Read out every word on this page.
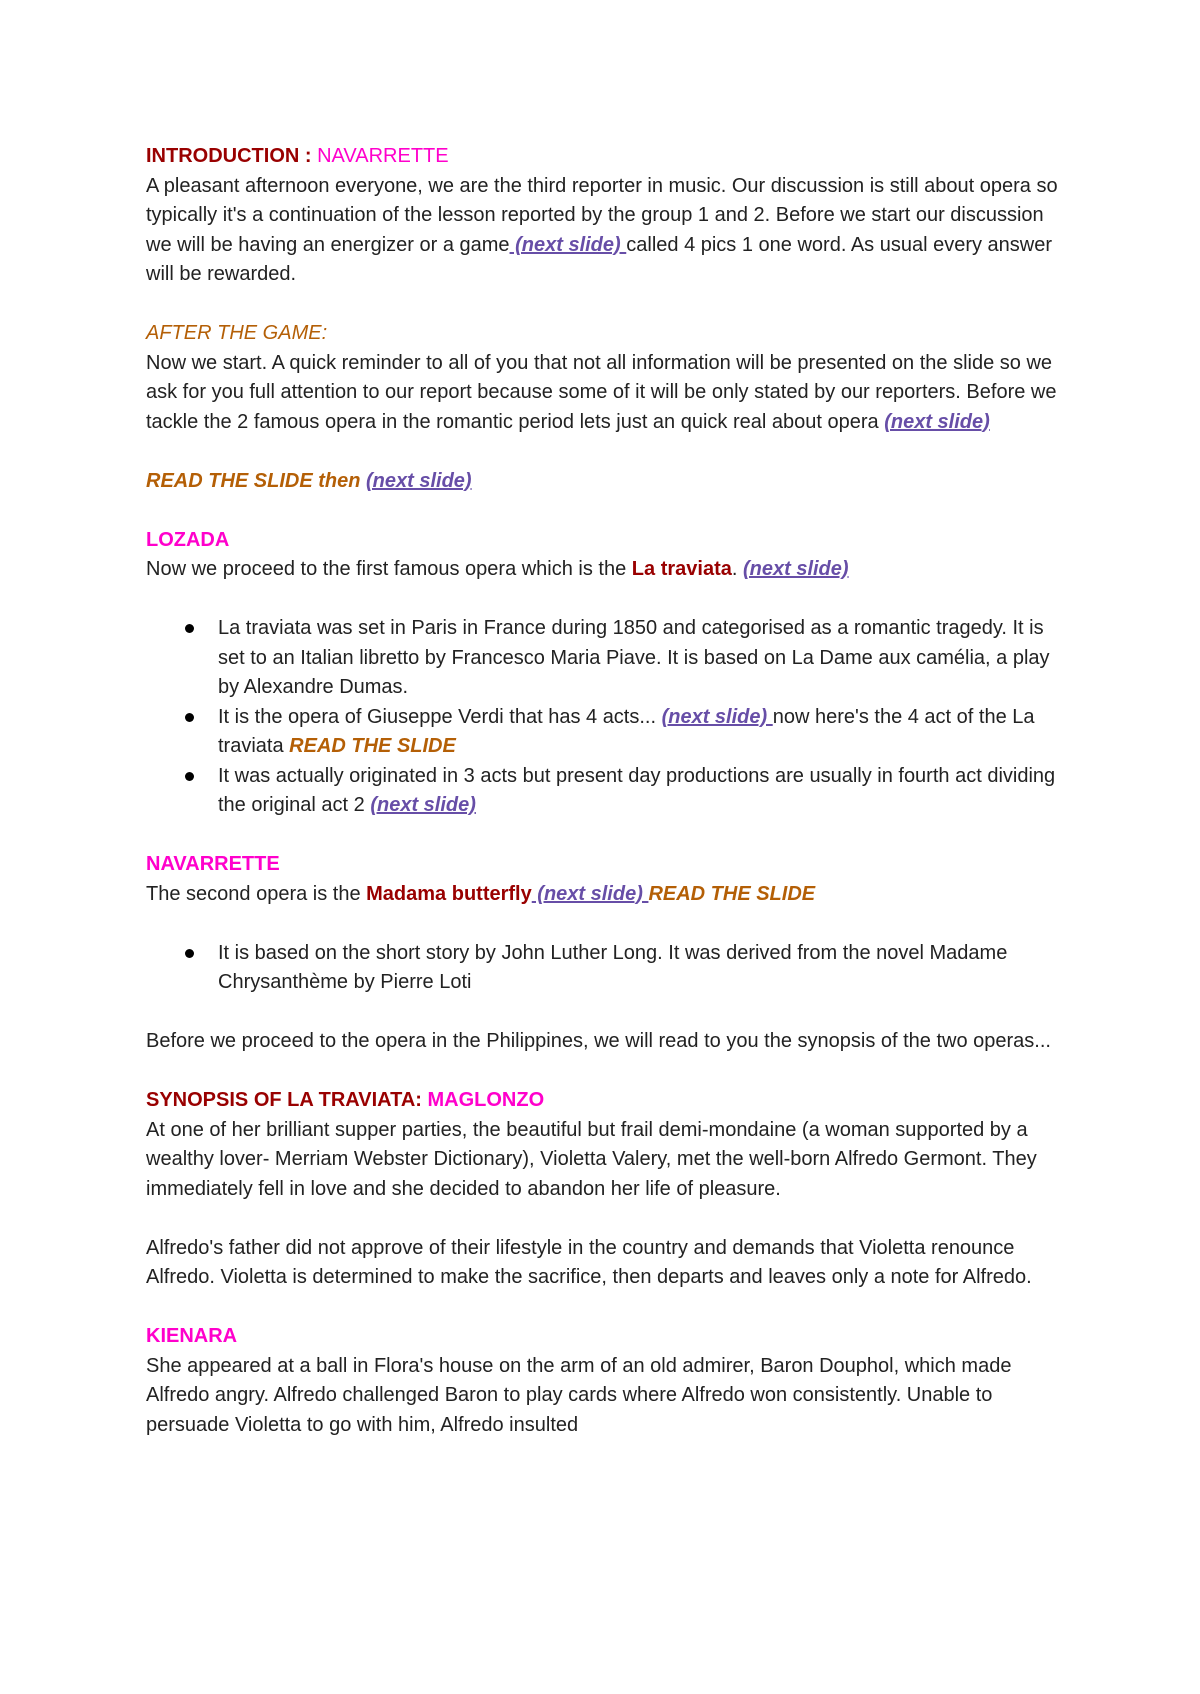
INTRODUCTION : NAVARRETTE

A pleasant afternoon everyone, we are the third reporter in music. Our discussion is still about opera so typically it's a continuation of the lesson reported by the group 1 and 2. Before we start our discussion we will be having an energizer or a game (next slide) called 4 pics 1 one word. As usual every answer will be rewarded.

AFTER THE GAME:

Now we start. A quick reminder to all of you that not all information will be presented on the slide so we ask for you full attention to our report because some of it will be only stated by our reporters. Before we tackle the 2 famous opera in the romantic period lets just an quick real about opera (next slide)

READ THE SLIDE then (next slide)

LOZADA

Now we proceed to the first famous opera which is the La traviata. (next slide)

La traviata was set in Paris in France during 1850 and categorised as a romantic tragedy. It is set to an Italian libretto by Francesco Maria Piave. It is based on La Dame aux camélia, a play by Alexandre Dumas.
It is the opera of Giuseppe Verdi that has 4 acts... (next slide) now here's the 4 act of the La traviata READ THE SLIDE
It was actually originated in 3 acts but present day productions are usually in fourth act dividing the original act 2 (next slide)

NAVARRETTE

The second opera is the Madama butterfly (next slide) READ THE SLIDE

It is based on the short story by John Luther Long. It was derived from the novel Madame Chrysanthème by Pierre Loti

Before we proceed to the opera in the Philippines, we will read to you the synopsis of the two operas...

SYNOPSIS OF LA TRAVIATA: MAGLONZO

At one of her brilliant supper parties, the beautiful but frail demi-mondaine (a woman supported by a wealthy lover- Merriam Webster Dictionary), Violetta Valery, met the well-born Alfredo Germont. They immediately fell in love and she decided to abandon her life of pleasure.

Alfredo's father did not approve of their lifestyle in the country and demands that Violetta renounce Alfredo. Violetta is determined to make the sacrifice, then departs and leaves only a note for Alfredo.

KIENARA

She appeared at a ball in Flora's house on the arm of an old admirer, Baron Douphol, which made Alfredo angry. Alfredo challenged Baron to play cards where Alfredo won consistently. Unable to persuade Violetta to go with him, Alfredo insulted
